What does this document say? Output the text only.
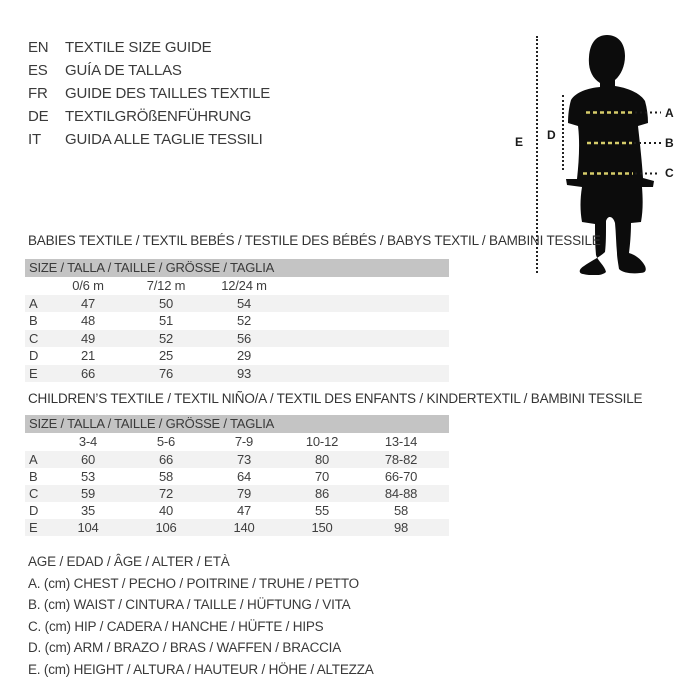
EN	TEXTILE SIZE GUIDE
ES	GUÍA DE TALLAS
FR	GUIDE DES TAILLES TEXTILE
DE	TEXTILGRÖßENFÜHRUNG
IT	GUIDA ALLE TAGLIE TESSILI	E D
A
B
C
BABIES TEXTILE / TEXTIL BEBÉS / TESTILE DES BÉBÉS / BABYS TEXTIL / BAMBINI TESSILE
SIZE / TALLA / TAILLE / GRÖSSE / TAGLIA
0/6 m	7/12 m	12/24 m
A	47	50	54
B	48	51	52
C	49	52	56
D	21	25	29
E	66	76	93
CHILDREN’S TEXTILE / TEXTIL NIÑO/A / TEXTIL DES ENFANTS / KINDERTEXTIL / BAMBINI TESSILE
SIZE / TALLA / TAILLE / GRÖSSE / TAGLIA
3-4	5-6	7-9	10-12	13-14
A	60	66	73	80	78-82
B	53	58	64	70	66-70
C	59	72	79	86	84-88
D	35	40	47	55	58
E	104	106	140	150	98
AGE / EDAD / ÂGE / ALTER / ETÀ
A. (cm) CHEST / PECHO / POITRINE / TRUHE / PETTO
B. (cm) WAIST / CINTURA / TAILLE / HÜFTUNG / VITA
C. (cm) HIP / CADERA / HANCHE / HÜFTE / HIPS
D. (cm) ARM / BRAZO / BRAS / WAFFEN / BRACCIA
E. (cm) HEIGHT / ALTURA / HAUTEUR / HÖHE / ALTEZZA
